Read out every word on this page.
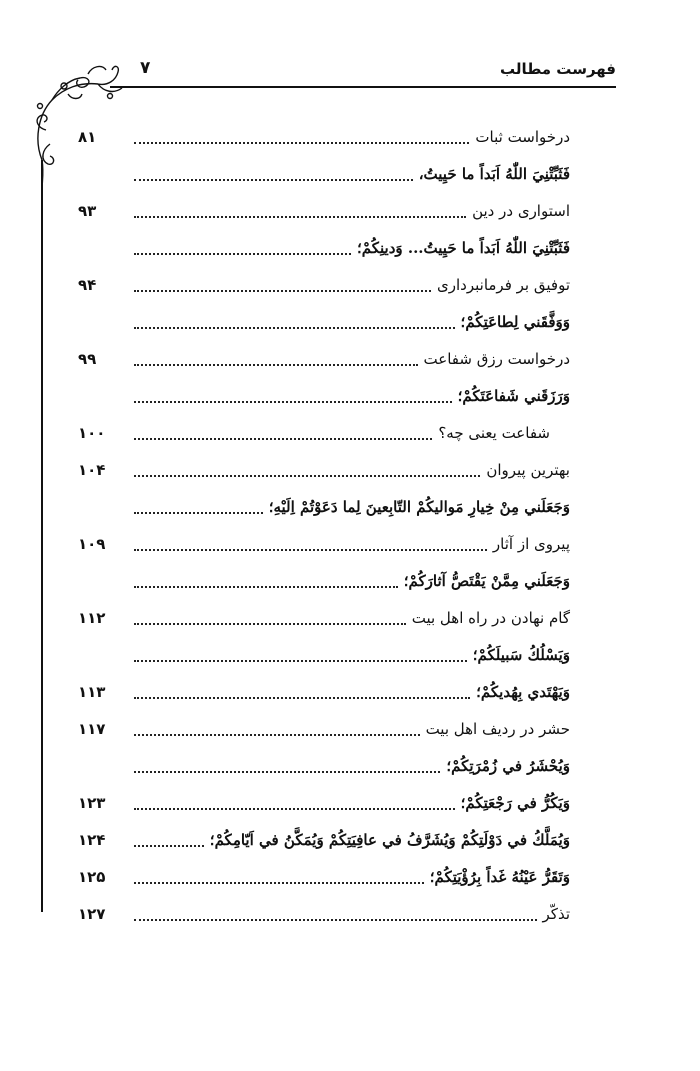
فهرست مطالب
۷
درخواست ثبات
۸۱
فَثَبِّتْنِيَ اللّٰهُ اَبَداً ما حَيِيتُ،
استواری در دين
۹۳
فَثَبِّتْنِيَ اللّٰهُ اَبَداً ما حَيِيتُ... وَدينِكُمْ؛
توفيق بر فرمانبرداری
۹۴
وَوَفَّقَني لِطاعَتِكُمْ؛
درخواست رزق شفاعت
۹۹
وَرَزَقَني شَفاعَتَكُمْ؛
شفاعت يعنی چه؟
۱۰۰
بهترين پيروان
۱۰۴
وَجَعَلَني مِنْ خِيارِ مَواليكُمْ التّابِعينَ لِما دَعَوْتُمْ اِلَيْهِ؛
پيروی از آثار
۱۰۹
وَجَعَلَني مِمَّنْ يَقْتَصُّ آثارَكُمْ؛
گام نهادن در راه اهل بيت
۱۱۲
وَيَسْلُكُ سَبيلَكُمْ؛
وَيَهْتَدي بِهُديكُمْ؛
۱۱۳
حشر در رديف اهل بيت
۱۱۷
وَيُحْشَرُ في زُمْرَتِكُمْ؛
وَيَكُرُّ في رَجْعَتِكُمْ؛
۱۲۳
وَيُمَلَّكُ في دَوْلَتِكُمْ وَيُشَرَّفُ في عافِيَتِكُمْ وَيُمَكَّنُ في اَيّامِكُمْ؛
۱۲۴
وَتَقَرُّ عَيْنُهُ غَداً بِرُؤْيَتِكُمْ؛
۱۲۵
تذكّر
۱۲۷
